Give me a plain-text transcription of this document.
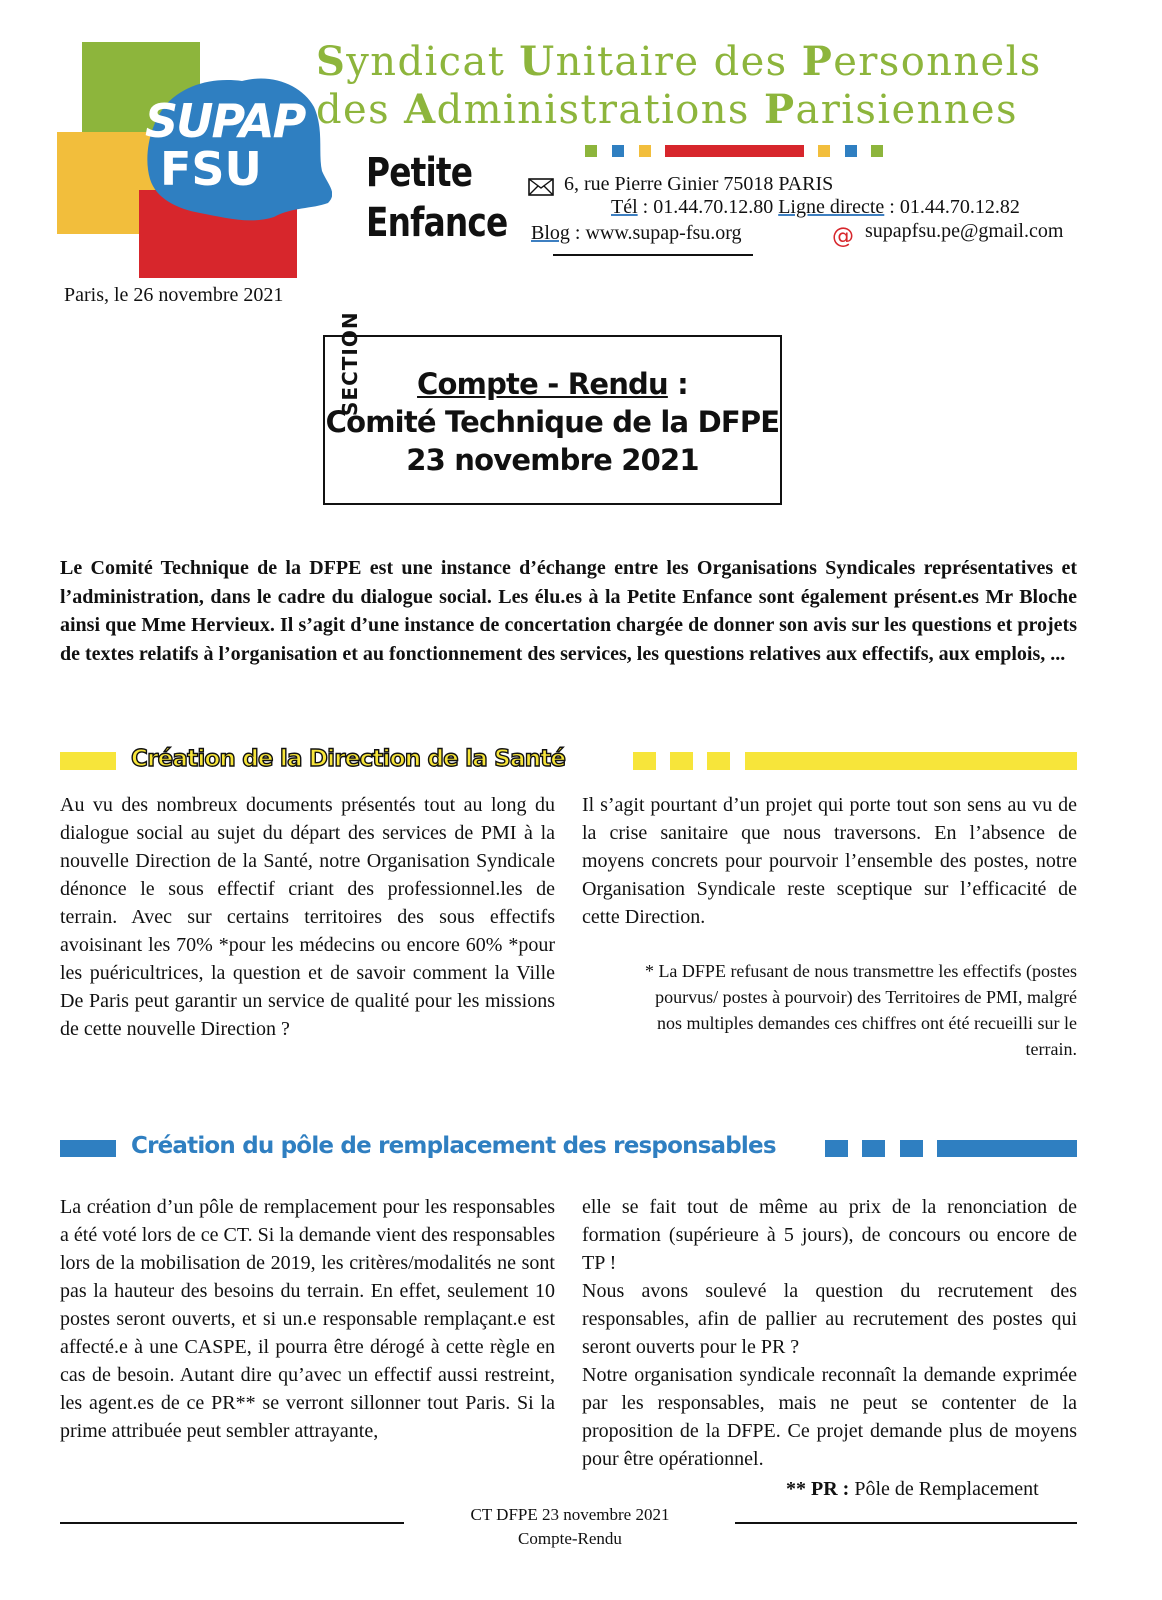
SUPAP
FSU
SECTION
Petite
Enfance
Syndicat Unitaire des Personnels
des Administrations Parisiennes
6, rue Pierre Ginier 75018 PARIS
Tél : 01.44.70.12.80 Ligne directe : 01.44.70.12.82
Blog : www.supap-fsu.org	@ supapfsu.pe@gmail.com
Paris, le 26 novembre 2021
Compte - Rendu :
Comité Technique de la DFPE
23 novembre 2021
Le Comité Technique de la DFPE est une instance d’échange entre les Organisations Syndicales représentatives et l’administration, dans le cadre du dialogue social. Les élu.es à la Petite Enfance sont également présent.es Mr Bloche ainsi que Mme Hervieux. Il s’agit d’une instance de concertation chargée de donner son avis sur les questions et projets de textes relatifs à l’organisation et au fonctionnement des services, les questions relatives aux effectifs, aux emplois, ...
Création de la Direction de la Santé
Au vu des nombreux documents présentés tout au long du dialogue social au sujet du départ des services de PMI à la nouvelle Direction de la Santé, notre Organisation Syndicale dénonce le sous effectif criant des professionnel.les de terrain. Avec sur certains territoires des sous effectifs avoisinant les 70% *pour les médecins ou encore 60% *pour les puéricultrices, la question et de savoir comment la Ville De Paris peut garantir un service de qualité pour les missions de cette nouvelle Direction ?
Il s’agit pourtant d’un projet qui porte tout son sens au vu de la crise sanitaire que nous traversons. En l’absence de moyens concrets pour pourvoir l’ensemble des postes, notre Organisation Syndicale reste sceptique sur l’efficacité de cette Direction.
* La DFPE refusant de nous transmettre les effectifs (postes pourvus/ postes à pourvoir) des Territoires de PMI, malgré nos multiples demandes ces chiffres ont été recueilli sur le terrain.
Création du pôle de remplacement des responsables
La création d’un pôle de remplacement pour les responsables a été voté lors de ce CT. Si la demande vient des responsables lors de la mobilisation de 2019, les critères/modalités ne sont pas la hauteur des besoins du terrain. En effet, seulement 10 postes seront ouverts, et si un.e responsable remplaçant.e est affecté.e à une CASPE, il pourra être dérogé à cette règle en cas de besoin. Autant dire qu’avec un effectif aussi restreint, les agent.es de ce PR** se verront sillonner tout Paris. Si la prime attribuée peut sembler attrayante,

elle se fait tout de même au prix de la renonciation de formation (supérieure à 5 jours), de concours ou encore de TP !

Nous avons soulevé la question du recrutement des responsables, afin de pallier au recrutement des postes qui seront ouverts pour le PR ?

Notre organisation syndicale reconnaît la demande exprimée par les responsables, mais ne peut se contenter de la proposition de la DFPE. Ce projet demande plus de moyens pour être opérationnel.

** PR : Pôle de Remplacement
CT DFPE 23 novembre 2021
Compte-Rendu
